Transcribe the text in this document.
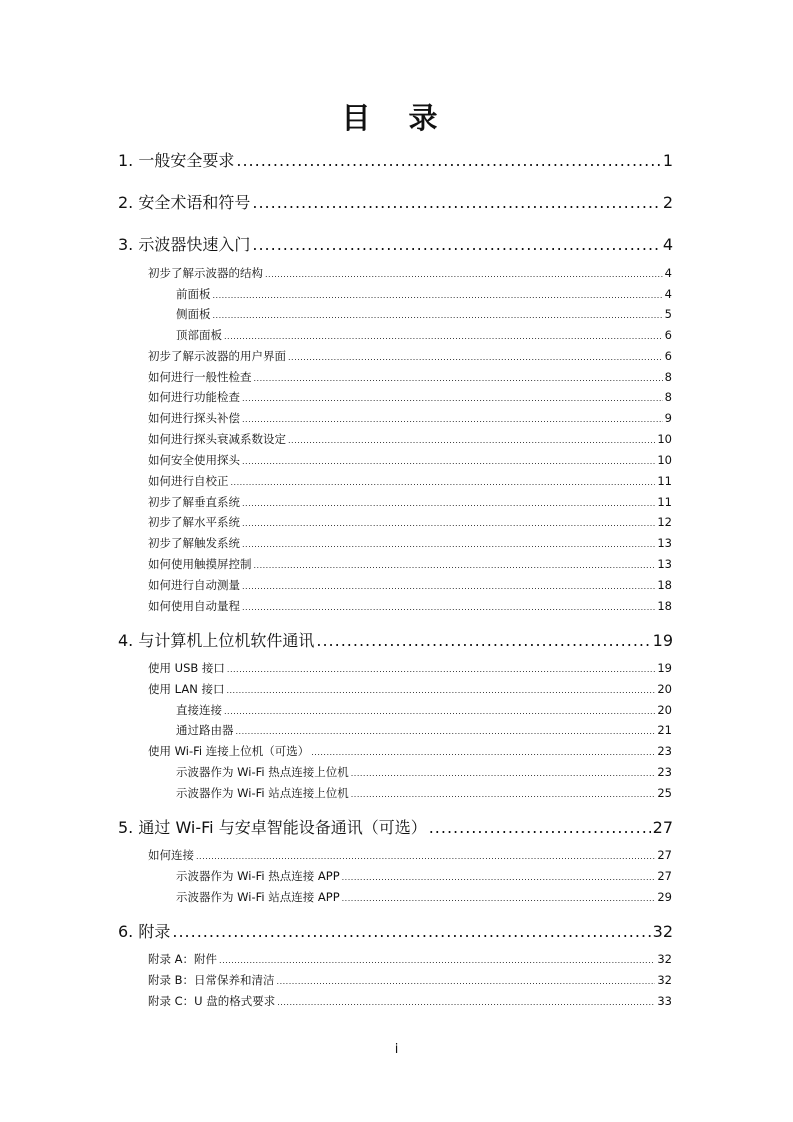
目 录
1. 一般安全要求 .....	1
2. 安全术语和符号 .....	2
3. 示波器快速入门 .....	4
初步了解示波器的结构 .....	4
前面板 .....	4
侧面板 .....	5
顶部面板 .....	6
初步了解示波器的用户界面 .....	6
如何进行一般性检查 .....	8
如何进行功能检查 .....	8
如何进行探头补偿 .....	9
如何进行探头衰减系数设定 .....	10
如何安全使用探头 .....	10
如何进行自校正 .....	11
初步了解垂直系统 .....	11
初步了解水平系统 .....	12
初步了解触发系统 .....	13
如何使用触摸屏控制 .....	13
如何进行自动测量 .....	18
如何使用自动量程 .....	18
4. 与计算机上位机软件通讯 .....	19
使用 USB 接口 .....	19
使用 LAN 接口 .....	20
直接连接 .....	20
通过路由器 .....	21
使用 Wi-Fi 连接上位机（可选） .....	23
示波器作为 Wi-Fi 热点连接上位机 .....	23
示波器作为 Wi-Fi 站点连接上位机 .....	25
5. 通过 Wi-Fi 与安卓智能设备通讯（可选） .....	27
如何连接 .....	27
示波器作为 Wi-Fi 热点连接 APP .....	27
示波器作为 Wi-Fi 站点连接 APP .....	29
6. 附录 .....	32
附录 A：附件 .....	32
附录 B：日常保养和清洁 .....	32
附录 C：U 盘的格式要求 .....	33
i
